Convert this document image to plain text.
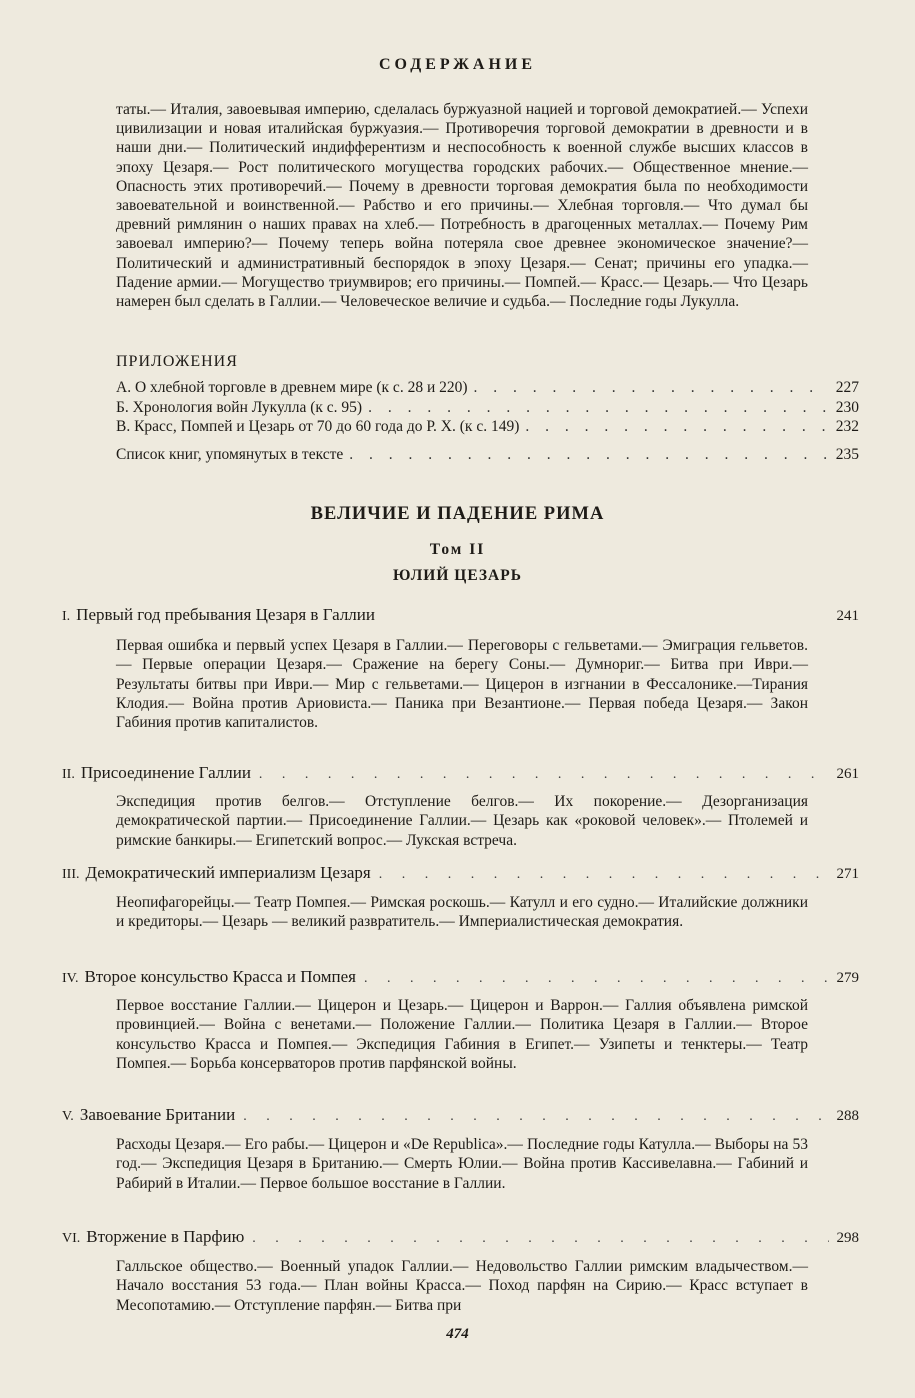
СОДЕРЖАНИЕ
таты.— Италия, завоевывая империю, сделалась буржуазной нацией и торговой демократией.— Успехи цивилизации и новая италийская буржуазия.— Противоречия торговой демократии в древности и в наши дни.— Политический индифферентизм и неспособность к военной службе высших классов в эпоху Цезаря.— Рост политического могущества городских рабочих.— Общественное мнение.— Опасность этих противоречий.— Почему в древности торговая демократия была по необходимости завоевательной и воинственной.— Рабство и его причины.— Хлебная торговля.— Что думал бы древний римлянин о наших правах на хлеб.— Потребность в драгоценных металлах.— Почему Рим завоевал империю?— Почему теперь война потеряла свое древнее экономическое значение?— Политический и административный беспорядок в эпоху Цезаря.— Сенат; причины его упадка.— Падение армии.— Могущество триумвиров; его причины.— Помпей.— Красс.— Цезарь.— Что Цезарь намерен был сделать в Галлии.— Человеческое величие и судьба.— Последние годы Лукулла.
ПРИЛОЖЕНИЯ
А. О хлебной торговле в древнем мире (к с. 28 и 220) . . .	227
Б. Хронология войн Лукулла (к с. 95) . . .	230
В. Красс, Помпей и Цезарь от 70 до 60 года до Р. Х. (к с. 149) . . .	232
Список книг, упомянутых в тексте . . .	235
ВЕЛИЧИЕ И ПАДЕНИЕ РИМА
Том II
ЮЛИЙ ЦЕЗАРЬ
I. Первый год пребывания Цезаря в Галлии	241
Первая ошибка и первый успех Цезаря в Галлии.— Переговоры с гельветами.— Эмиграция гельветов.— Первые операции Цезаря.— Сражение на берегу Соны.— Думнориг.— Битва при Иври.— Результаты битвы при Иври.— Мир с гельветами.— Цицерон в изгнании в Фессалонике.—Тирания Клодия.— Война против Ариовиста.— Паника при Везантионе.— Первая победа Цезаря.— Закон Габиния против капиталистов.
II. Присоединение Галлии . . .	261
Экспедиция против белгов.— Отступление белгов.— Их покорение.— Дезорганизация демократической партии.— Присоединение Галлии.— Цезарь как «роковой человек».— Птолемей и римские банкиры.— Египетский вопрос.— Лукская встреча.
III. Демократический империализм Цезаря . . .	271
Неопифагорейцы.— Театр Помпея.— Римская роскошь.— Катулл и его судно.— Италийские должники и кредиторы.— Цезарь — великий развратитель.— Империалистическая демократия.
IV. Второе консульство Красса и Помпея . . .	279
Первое восстание Галлии.— Цицерон и Цезарь.— Цицерон и Варрон.— Галлия объявлена римской провинцией.— Война с венетами.— Положение Галлии.— Политика Цезаря в Галлии.— Второе консульство Красса и Помпея.— Экспедиция Габиния в Египет.— Узипеты и тенктеры.— Театр Помпея.— Борьба консерваторов против парфянской войны.
V. Завоевание Британии . . .	288
Расходы Цезаря.— Его рабы.— Цицерон и «De Republica».— Последние годы Катулла.— Выборы на 53 год.— Экспедиция Цезаря в Британию.— Смерть Юлии.— Война против Кассивелавна.— Габиний и Рабирий в Италии.— Первое большое восстание в Галлии.
VI. Вторжение в Парфию . . .	298
Галльское общество.— Военный упадок Галлии.— Недовольство Галлии римским владычеством.— Начало восстания 53 года.— План войны Красса.— Поход парфян на Сирию.— Красс вступает в Месопотамию.— Отступление парфян.— Битва при
474
